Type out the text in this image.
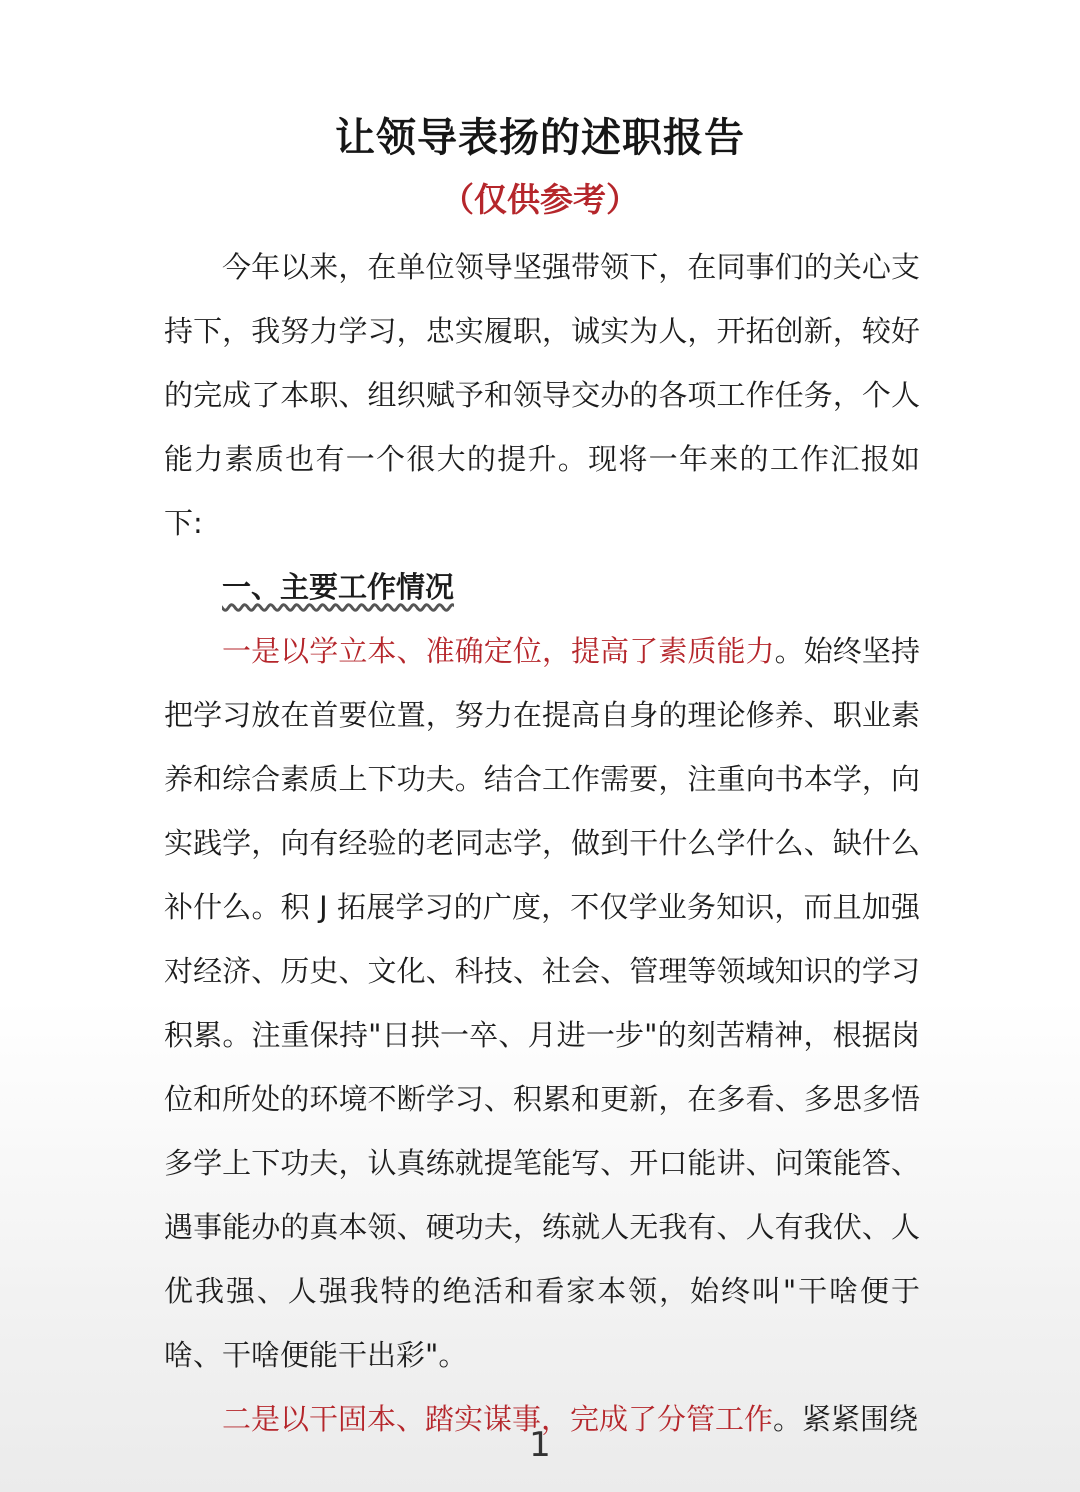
让领导表扬的述职报告
（仅供参考）

今年以来，在单位领导坚强带领下，在同事们的关心支持下，我努力学习，忠实履职，诚实为人，开拓创新，较好的完成了本职、组织赋予和领导交办的各项工作任务，个人能力素质也有一个很大的提升。现将一年来的工作汇报如下:

一、主要工作情况

一是以学立本、准确定位，提高了素质能力。始终坚持把学习放在首要位置，努力在提高自身的理论修养、职业素养和综合素质上下功夫。结合工作需要，注重向书本学，向实践学，向有经验的老同志学，做到干什么学什么、缺什么补什么。积 J 拓展学习的广度，不仅学业务知识，而且加强对经济、历史、文化、科技、社会、管理等领域知识的学习积累。注重保持"日拱一卒、月进一步"的刻苦精神，根据岗位和所处的环境不断学习、积累和更新，在多看、多思多悟多学上下功夫，认真练就提笔能写、开口能讲、问策能答、遇事能办的真本领、硬功夫，练就人无我有、人有我伏、人优我强、人强我特的绝活和看家本领，始终叫"干啥便于啥、干啥便能干出彩"。

二是以干固本、踏实谋事，完成了分管工作。紧紧围绕

1
